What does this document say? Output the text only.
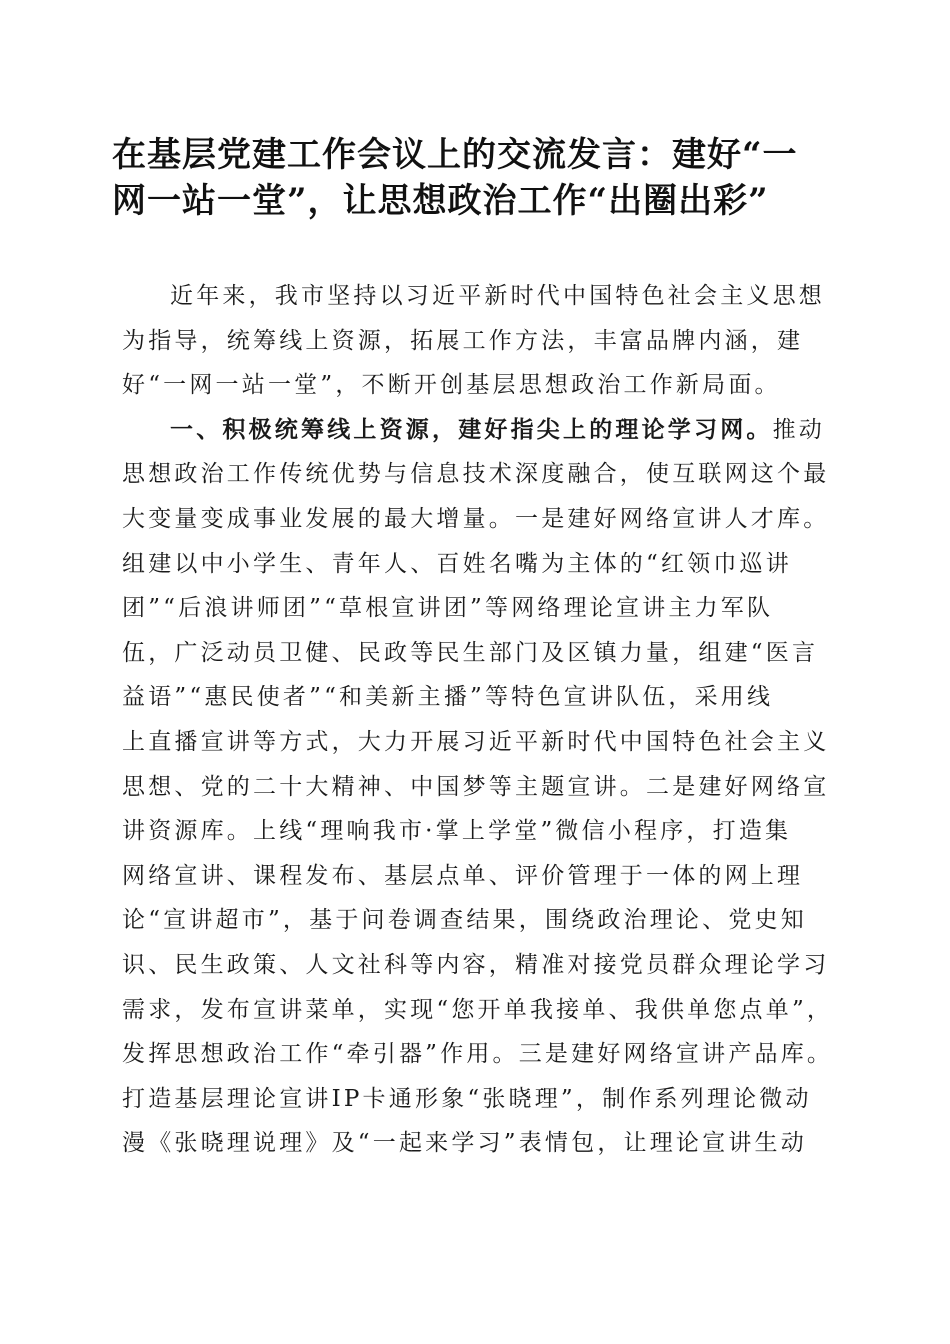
在基层党建工作会议上的交流发言：建好“一
网一站一堂”，让思想政治工作“出圈出彩”
近年来，我市坚持以习近平新时代中国特色社会主义思想
为指导，统筹线上资源，拓展工作方法，丰富品牌内涵，建
好“一网一站一堂”，不断开创基层思想政治工作新局面。
一、积极统筹线上资源，建好指尖上的理论学习网。推动
思想政治工作传统优势与信息技术深度融合，使互联网这个最
大变量变成事业发展的最大增量。一是建好网络宣讲人才库。
组建以中小学生、青年人、百姓名嘴为主体的“红领巾巡讲
团”“后浪讲师团”“草根宣讲团”等网络理论宣讲主力军队
伍，广泛动员卫健、民政等民生部门及区镇力量，组建“医言
益语”“惠民使者”“和美新主播”等特色宣讲队伍，采用线
上直播宣讲等方式，大力开展习近平新时代中国特色社会主义
思想、党的二十大精神、中国梦等主题宣讲。二是建好网络宣
讲资源库。上线“理响我市·掌上学堂”微信小程序，打造集
网络宣讲、课程发布、基层点单、评价管理于一体的网上理
论“宣讲超市”，基于问卷调查结果，围绕政治理论、党史知
识、民生政策、人文社科等内容，精准对接党员群众理论学习
需求，发布宣讲菜单，实现“您开单我接单、我供单您点单”，
发挥思想政治工作“牵引器”作用。三是建好网络宣讲产品库。
打造基层理论宣讲IP卡通形象“张晓理”，制作系列理论微动
漫《张晓理说理》及“一起来学习”表情包，让理论宣讲生动
